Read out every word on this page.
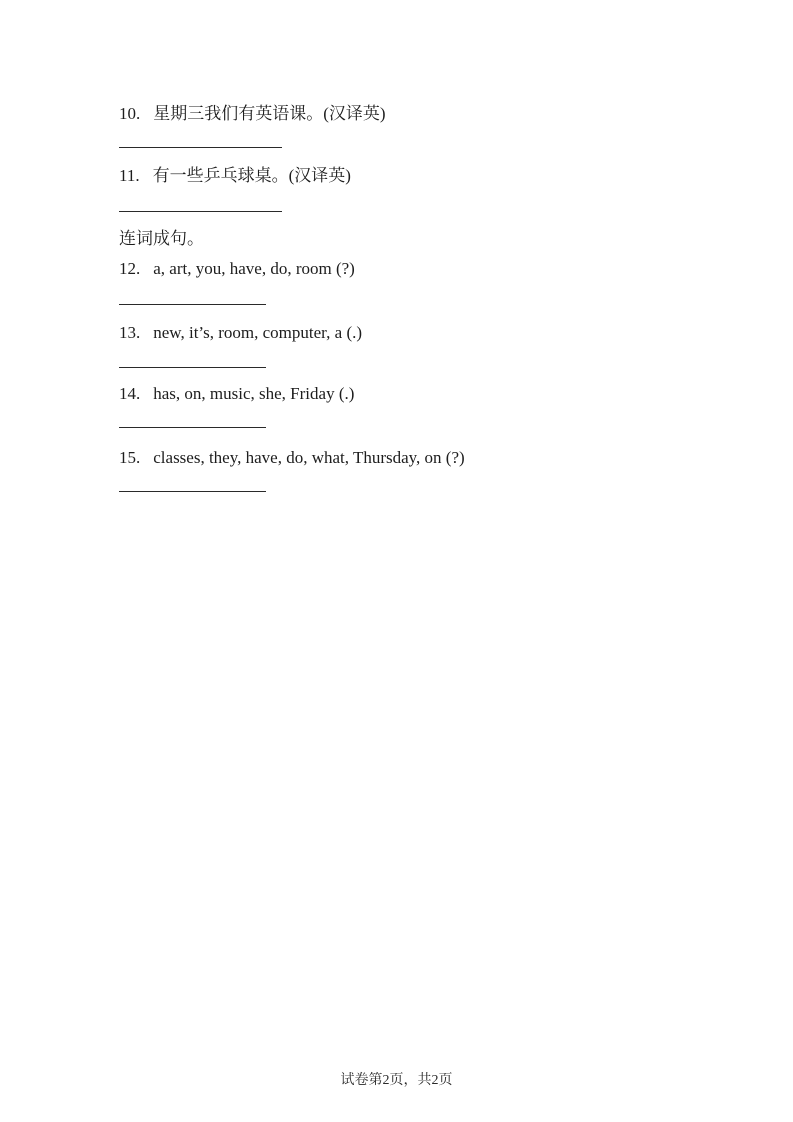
10. 星期三我们有英语课。(汉译英)
11. 有一些乒乓球桌。(汉译英)
连词成句。
12. a, art, you, have, do, room (?)
13. new, it’s, room, computer, a (.)
14. has, on, music, she, Friday (.)
15. classes, they, have, do, what, Thursday, on (?)
试卷第2页，共2页
